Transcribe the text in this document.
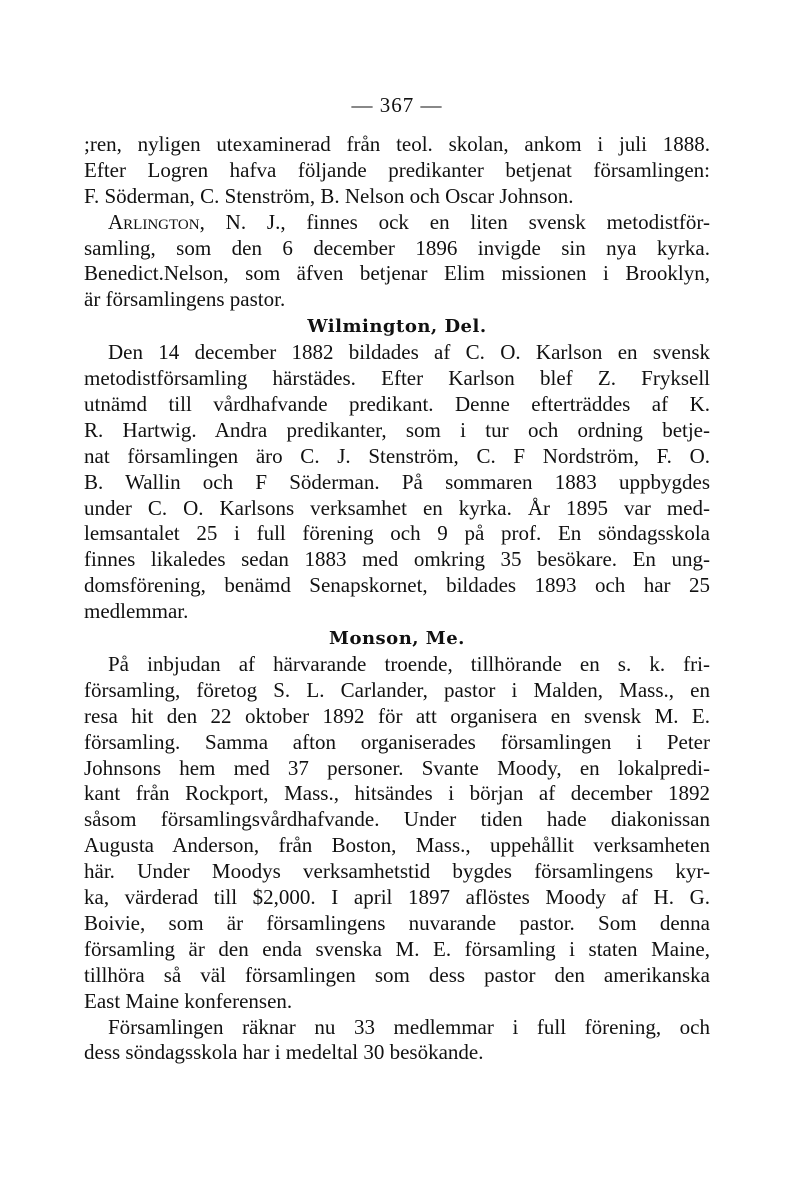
— 367 —
;ren, nyligen utexaminerad från teol. skolan, ankom i juli 1888.
Efter Logren hafva följande predikanter betjenat församlingen:
F. Söderman, C. Stenström, B. Nelson och Oscar Johnson.
Arlington, N. J., finnes ock en liten svensk metodistför-
samling, som den 6 december 1896 invigde sin nya kyrka.
Benedict.Nelson, som äfven betjenar Elim missionen i Brooklyn,
är församlingens pastor.
Wilmington, Del.
Den 14 december 1882 bildades af C. O. Karlson en svensk
metodistförsamling härstädes. Efter Karlson blef Z. Fryksell
utnämd till vårdhafvande predikant. Denne efterträddes af K.
R. Hartwig. Andra predikanter, som i tur och ordning betje-
nat församlingen äro C. J. Stenström, C. F Nordström, F. O.
B. Wallin och F Söderman. På sommaren 1883 uppbygdes
under C. O. Karlsons verksamhet en kyrka. År 1895 var med-
lemsantalet 25 i full förening och 9 på prof. En söndagsskola
finnes likaledes sedan 1883 med omkring 35 besökare. En ung-
domsförening, benämd Senapskornet, bildades 1893 och har 25
medlemmar.
Monson, Me.
På inbjudan af härvarande troende, tillhörande en s. k. fri-
församling, företog S. L. Carlander, pastor i Malden, Mass., en
resa hit den 22 oktober 1892 för att organisera en svensk M. E.
församling. Samma afton organiserades församlingen i Peter
Johnsons hem med 37 personer. Svante Moody, en lokalpredi-
kant från Rockport, Mass., hitsändes i början af december 1892
såsom församlingsvårdhafvande. Under tiden hade diakonissan
Augusta Anderson, från Boston, Mass., uppehållit verksamheten
här. Under Moodys verksamhetstid bygdes församlingens kyr-
ka, värderad till $2,000. I april 1897 aflöstes Moody af H. G.
Boivie, som är församlingens nuvarande pastor. Som denna
församling är den enda svenska M. E. församling i staten Maine,
tillhöra så väl församlingen som dess pastor den amerikanska
East Maine konferensen.
Församlingen räknar nu 33 medlemmar i full förening, och
dess söndagsskola har i medeltal 30 besökande.
